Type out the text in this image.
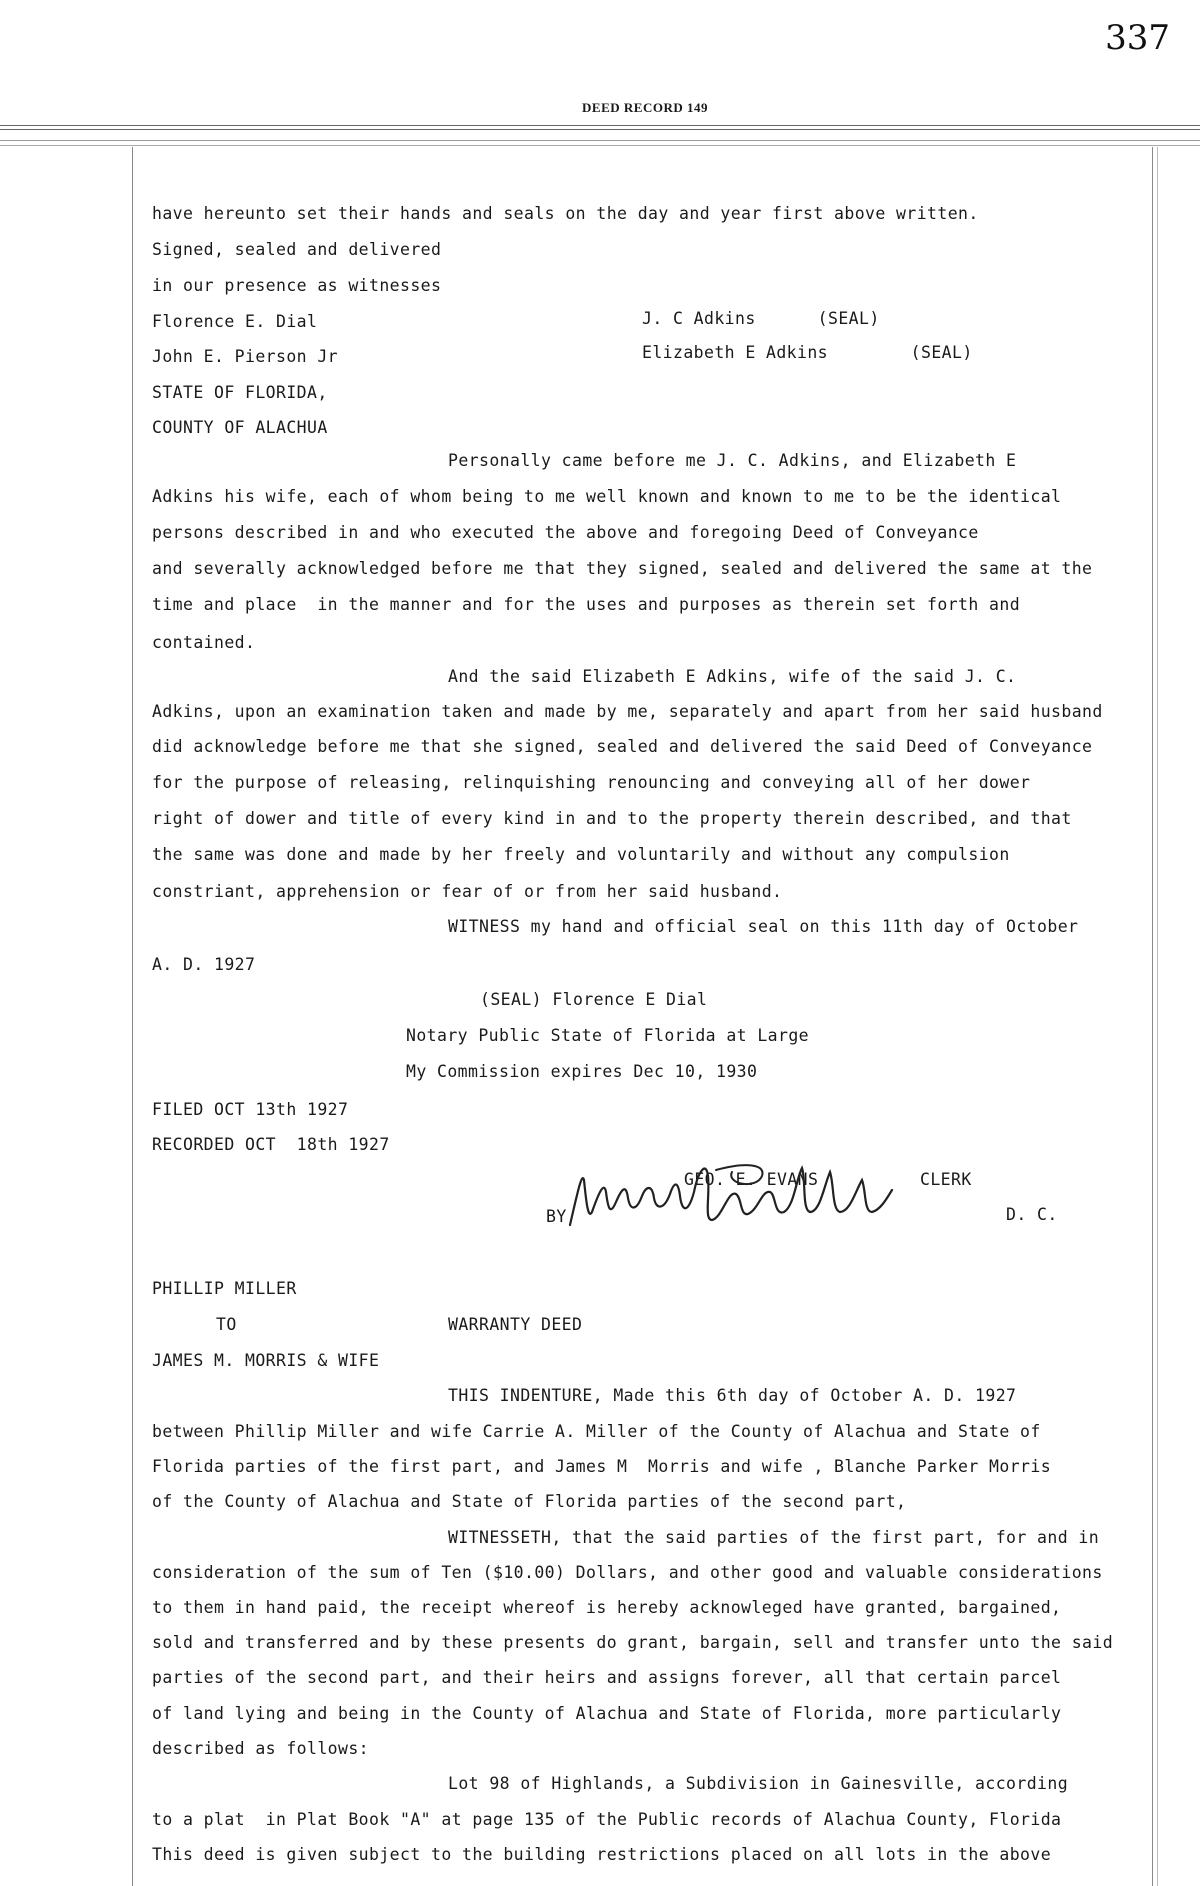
337
DEED RECORD 149
have hereunto set their hands and seals on the day and year first above written.
Signed, sealed and delivered
in our presence as witnesses
Florence E. Dial	J. C Adkins      (SEAL)
John E. Pierson Jr	Elizabeth E Adkins        (SEAL)
STATE OF FLORIDA,
COUNTY OF ALACHUA
Personally came before me J. C. Adkins, and Elizabeth E
Adkins his wife, each of whom being to me well known and known to me to be the identical
persons described in and who executed the above and foregoing Deed of Conveyance
and severally acknowledged before me that they signed, sealed and delivered the same at the
time and place  in the manner and for the uses and purposes as therein set forth and
contained.
And the said Elizabeth E Adkins, wife of the said J. C.
Adkins, upon an examination taken and made by me, separately and apart from her said husband
did acknowledge before me that she signed, sealed and delivered the said Deed of Conveyance
for the purpose of releasing, relinquishing renouncing and conveying all of her dower
right of dower and title of every kind in and to the property therein described, and that
the same was done and made by her freely and voluntarily and without any compulsion
constriant, apprehension or fear of or from her said husband.
WITNESS my hand and official seal on this 11th day of October
A. D. 1927
(SEAL) Florence E Dial
Notary Public State of Florida at Large
My Commission expires Dec 10, 1930
FILED OCT 13th 1927
RECORDED OCT  18th 1927
GEO. E. EVANS	CLERK
BY	D. C.
PHILLIP MILLER
TO	WARRANTY DEED
JAMES M. MORRIS & WIFE
THIS INDENTURE, Made this 6th day of October A. D. 1927
between Phillip Miller and wife Carrie A. Miller of the County of Alachua and State of
Florida parties of the first part, and James M  Morris and wife , Blanche Parker Morris
of the County of Alachua and State of Florida parties of the second part,
WITNESSETH, that the said parties of the first part, for and in
consideration of the sum of Ten ($10.00) Dollars, and other good and valuable considerations
to them in hand paid, the receipt whereof is hereby acknowleged have granted, bargained,
sold and transferred and by these presents do grant, bargain, sell and transfer unto the said
parties of the second part, and their heirs and assigns forever, all that certain parcel
of land lying and being in the County of Alachua and State of Florida, more particularly
described as follows:
Lot 98 of Highlands, a Subdivision in Gainesville, according
to a plat  in Plat Book "A" at page 135 of the Public records of Alachua County, Florida
This deed is given subject to the building restrictions placed on all lots in the above
